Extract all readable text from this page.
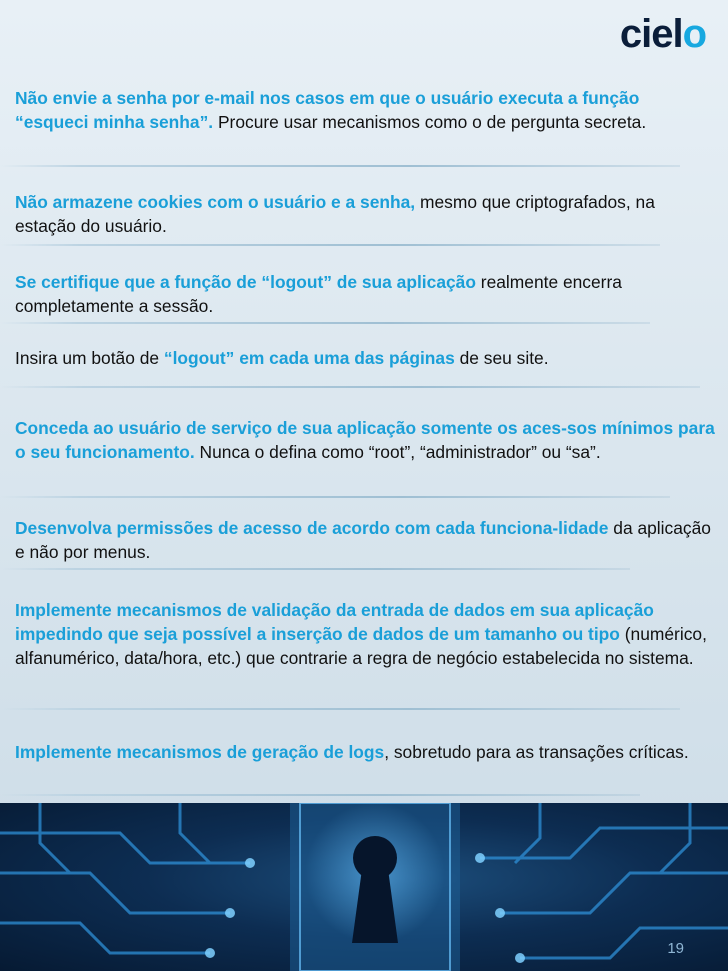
cielo
Não envie a senha por e-mail nos casos em que o usuário executa a função “esqueci minha senha”. Procure usar mecanismos como o de pergunta secreta.
Não armazene cookies com o usuário e a senha, mesmo que criptografados, na estação do usuário.
Se certifique que a função de “logout” de sua aplicação realmente encerra completamente a sessão.
Insira um botão de “logout” em cada uma das páginas de seu site.
Conceda ao usuário de serviço de sua aplicação somente os aces-sos mínimos para o seu funcionamento. Nunca o defina como “root”, “administrador” ou “sa”.
Desenvolva permissões de acesso de acordo com cada funciona-lidade da aplicação e não por menus.
Implemente mecanismos de validação da entrada de dados em sua aplicação impedindo que seja possível a inserção de dados de um tamanho ou tipo (numérico, alfanumérico, data/hora, etc.) que contrarie a regra de negócio estabelecida no sistema.
Implemente mecanismos de geração de logs, sobretudo para as transações críticas.
19
